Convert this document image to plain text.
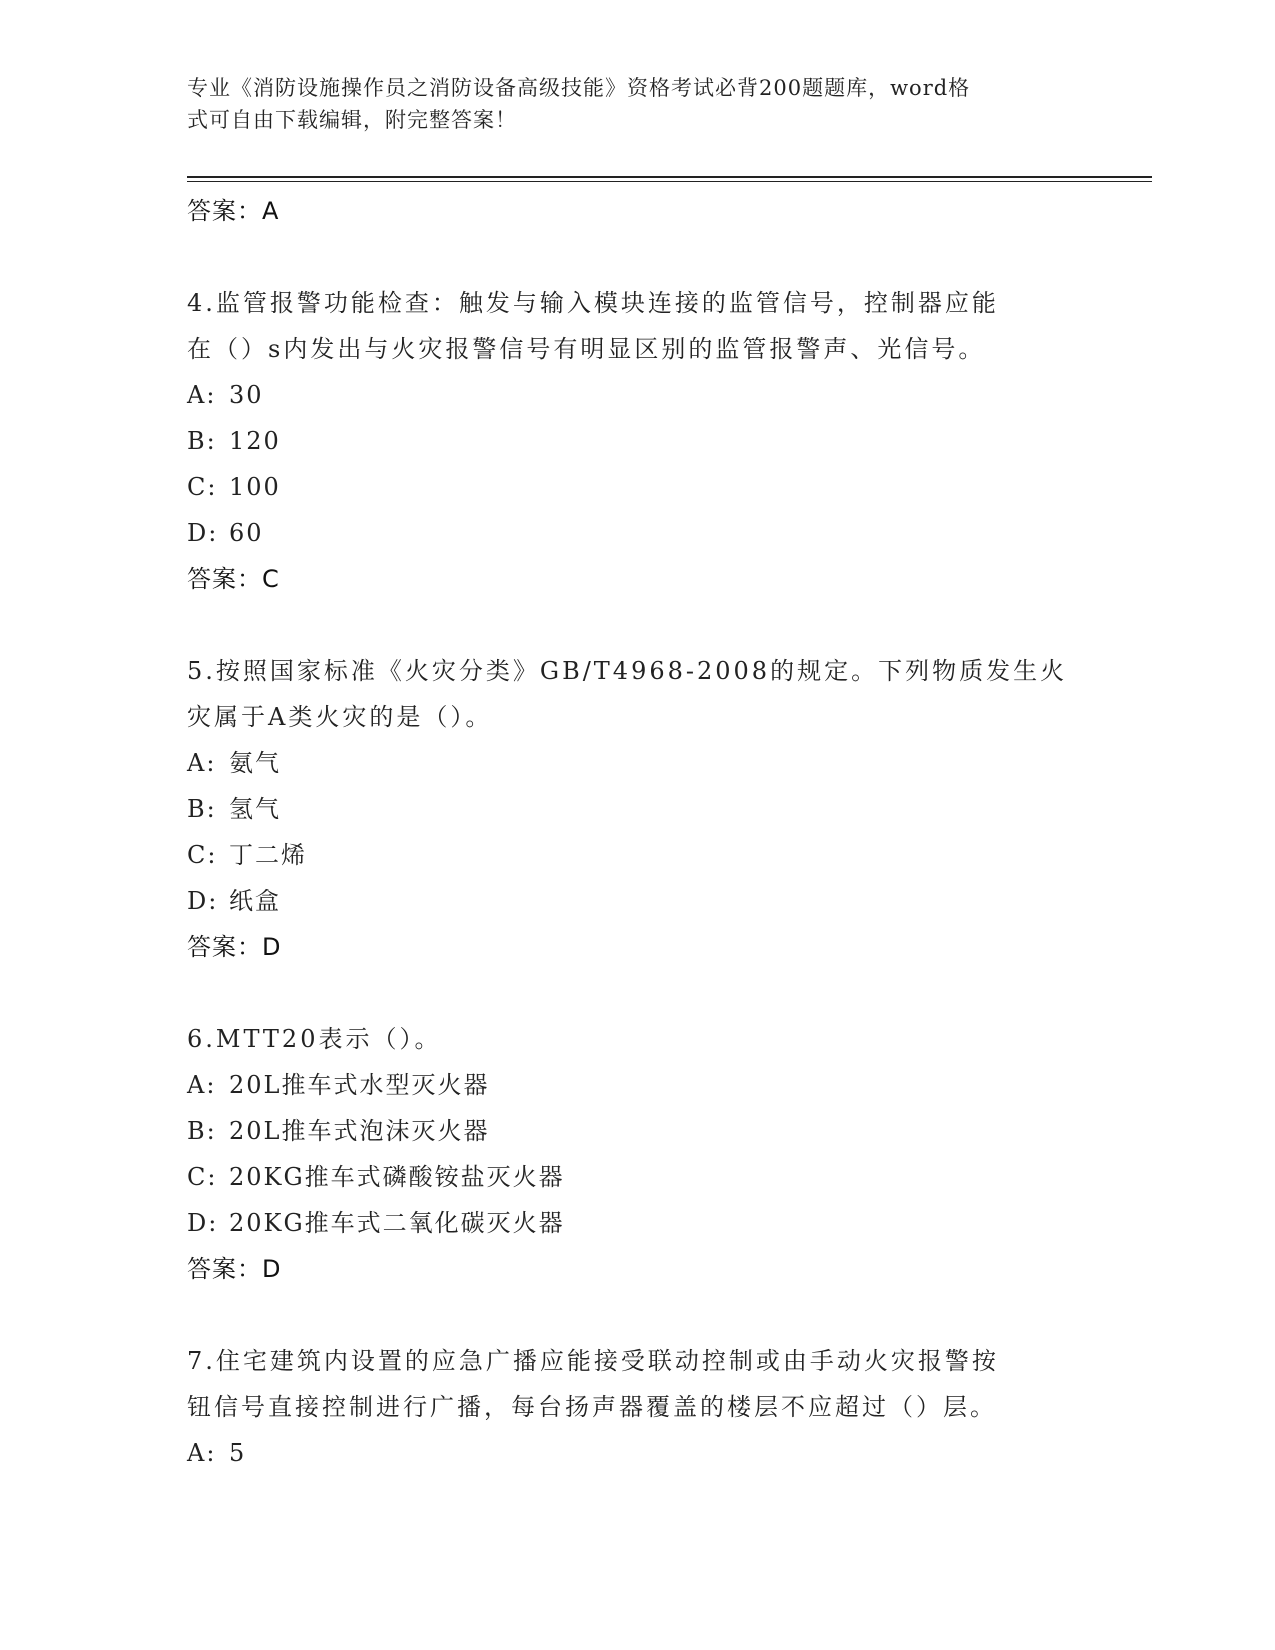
专业《消防设施操作员之消防设备高级技能》资格考试必背200题题库，word格
式可自由下载编辑，附完整答案！
答案：A
4.监管报警功能检查：触发与输入模块连接的监管信号，控制器应能
在（）s内发出与火灾报警信号有明显区别的监管报警声、光信号。
A: 30
B: 120
C: 100
D: 60
答案：C
5.按照国家标准《火灾分类》GB/T4968-2008的规定。下列物质发生火
灾属于A类火灾的是（）。
A: 氨气
B: 氢气
C: 丁二烯
D: 纸盒
答案：D
6.MTT20表示（）。
A: 20L推车式水型灭火器
B: 20L推车式泡沫灭火器
C: 20KG推车式磷酸铵盐灭火器
D: 20KG推车式二氧化碳灭火器
答案：D
7.住宅建筑内设置的应急广播应能接受联动控制或由手动火灾报警按
钮信号直接控制进行广播，每台扬声器覆盖的楼层不应超过（）层。
A: 5
